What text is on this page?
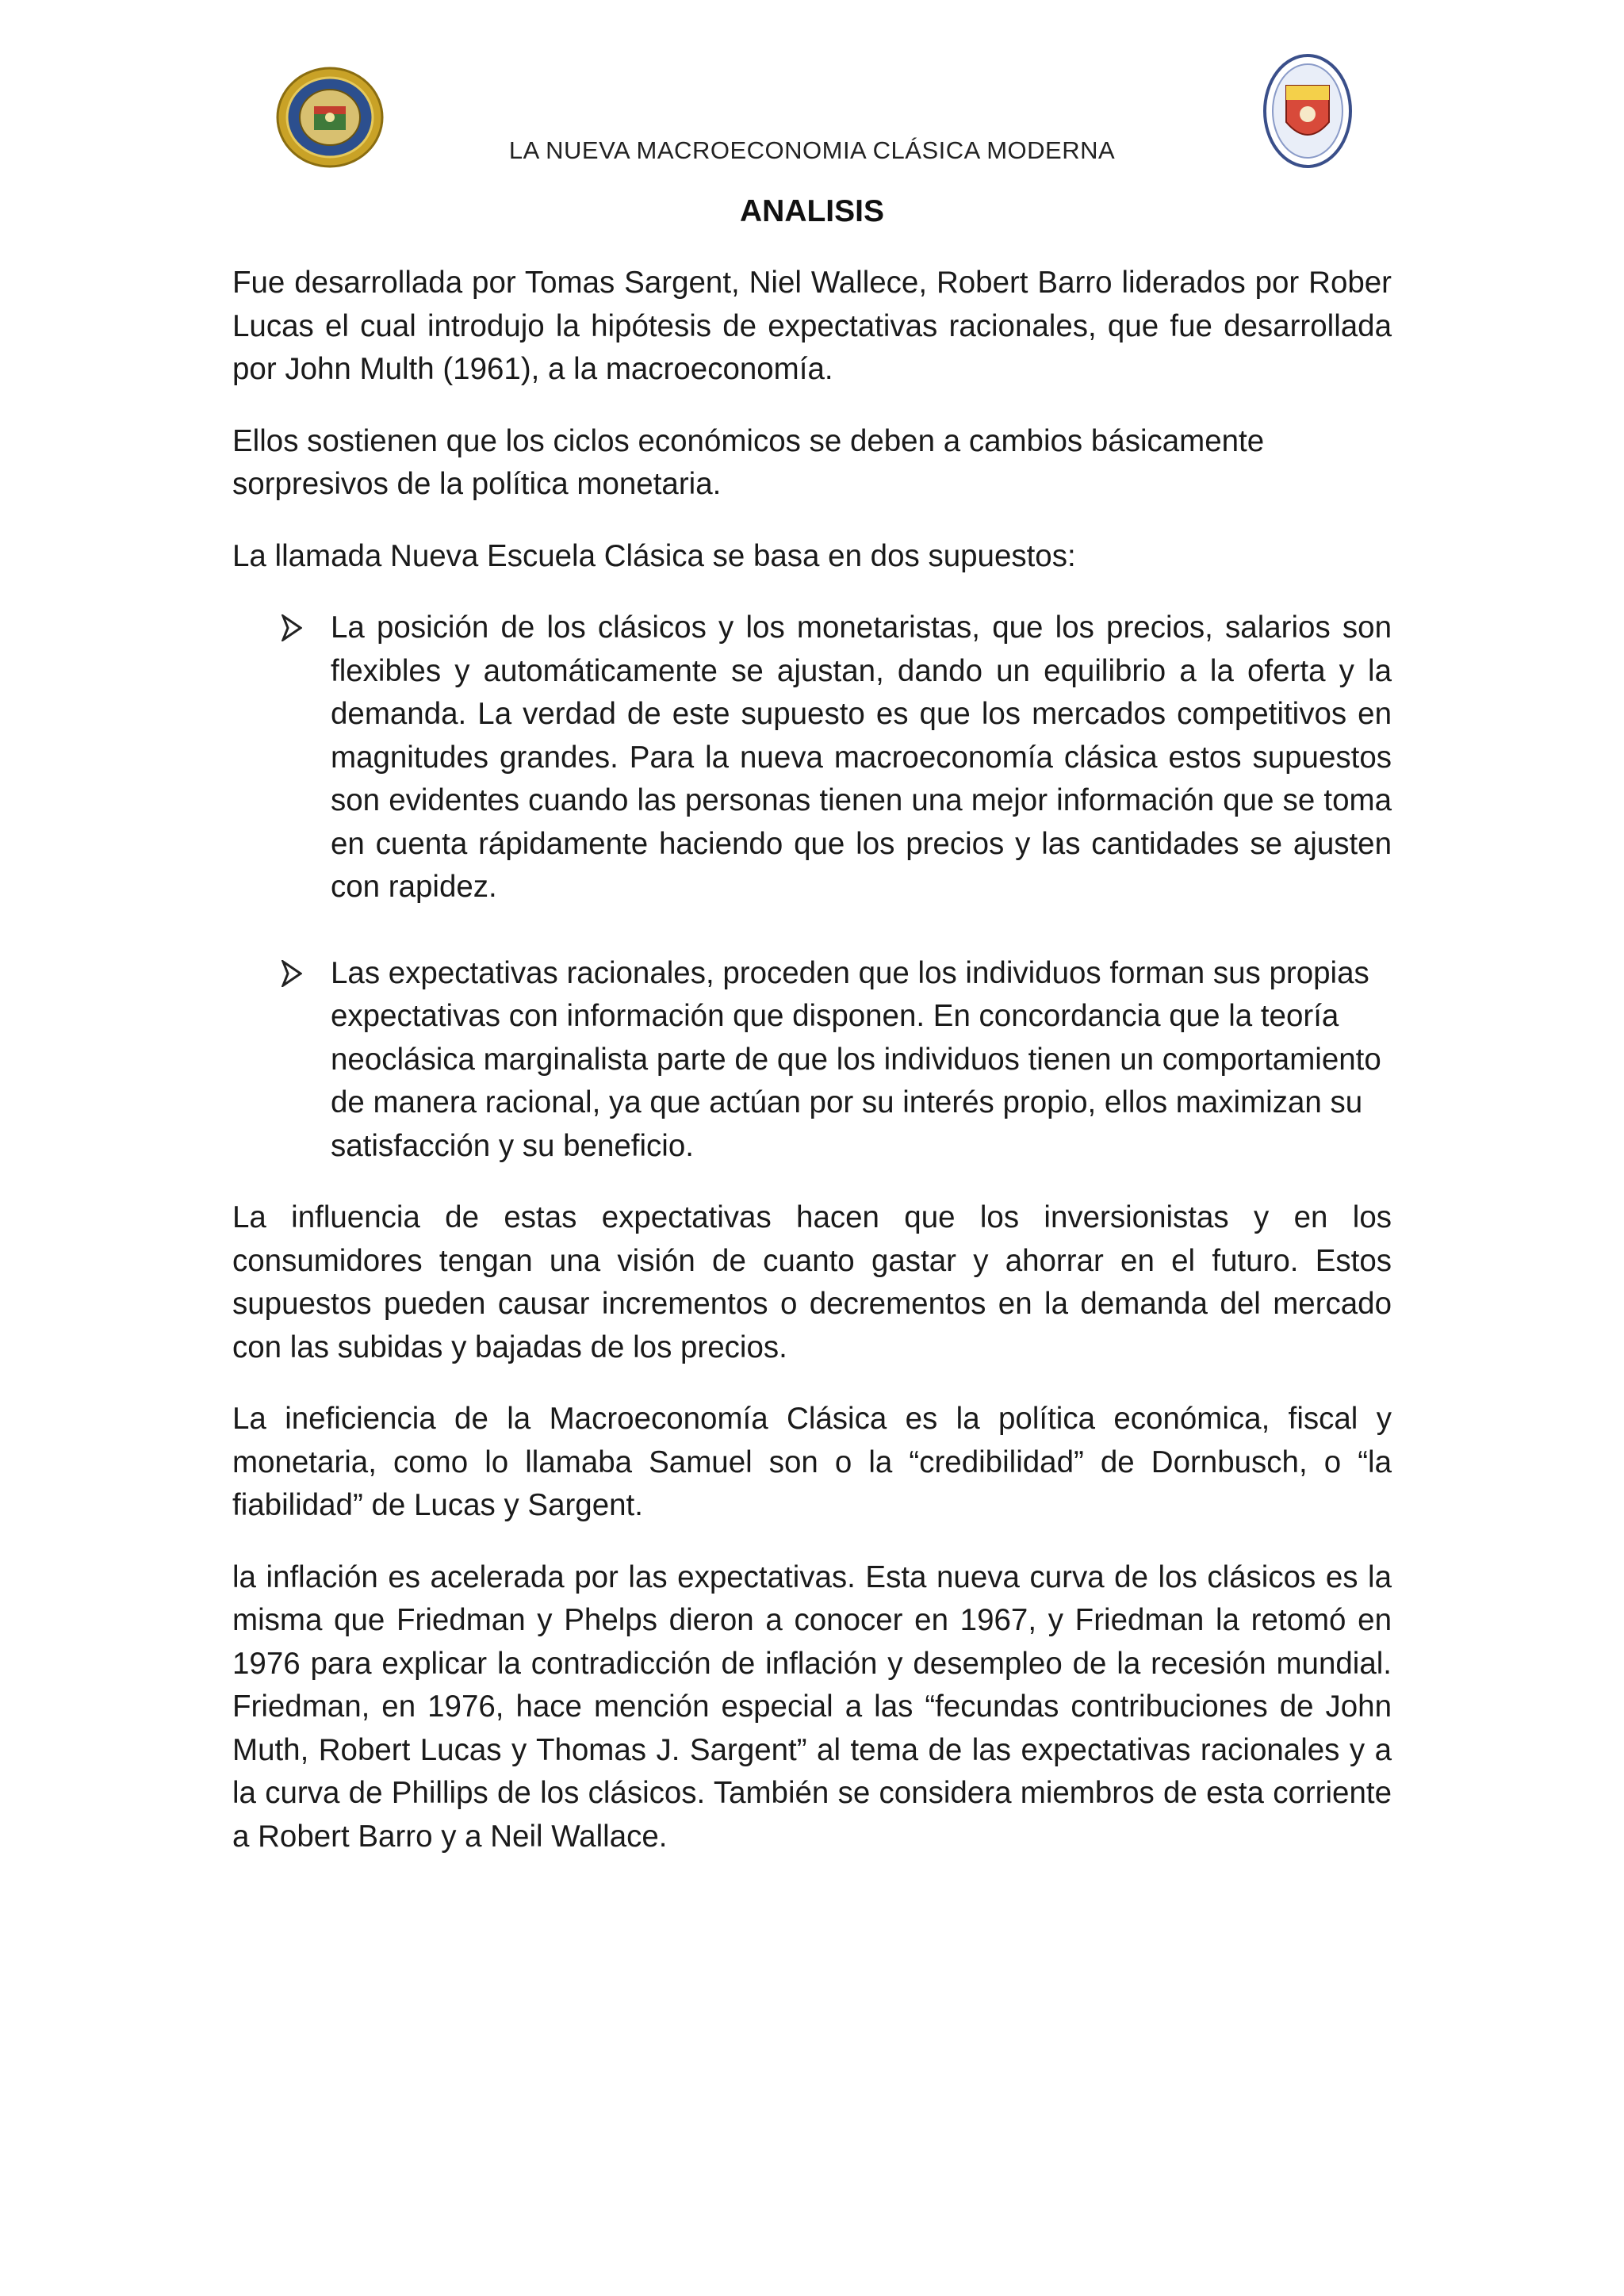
LA NUEVA MACROECONOMIA CLÁSICA MODERNA
ANALISIS

Fue desarrollada por Tomas Sargent, Niel Wallece, Robert Barro liderados por Rober Lucas el cual introdujo la hipótesis de expectativas racionales, que fue desarrollada por John Multh (1961), a la macroeconomía.

Ellos sostienen que los ciclos económicos se deben a cambios básicamente sorpresivos de la política monetaria.

La llamada Nueva Escuela Clásica se basa en dos supuestos:

La posición de los clásicos y los monetaristas, que los precios, salarios son flexibles y automáticamente se ajustan, dando un equilibrio a la oferta y la demanda. La verdad de este supuesto es que los mercados competitivos en magnitudes grandes. Para la nueva macroeconomía clásica estos supuestos son evidentes cuando las personas tienen una mejor información que se toma en cuenta rápidamente haciendo que los precios y las cantidades se ajusten con rapidez.
Las expectativas racionales, proceden que los individuos forman sus propias expectativas con información que disponen. En concordancia que la teoría neoclásica marginalista parte de que los individuos tienen un comportamiento de manera racional, ya que actúan por su interés propio, ellos maximizan su satisfacción y su beneficio.

La influencia de estas expectativas hacen que los inversionistas y en los consumidores tengan una visión de cuanto gastar y ahorrar en el futuro. Estos supuestos pueden causar incrementos o decrementos en la demanda del mercado con las subidas y bajadas de los precios.

La ineficiencia de la Macroeconomía Clásica es la política económica, fiscal y monetaria, como lo llamaba Samuel son o la “credibilidad” de Dornbusch, o “la fiabilidad” de Lucas y Sargent.

la inflación es acelerada por las expectativas. Esta nueva curva de los clásicos es la misma que Friedman y Phelps dieron a conocer en 1967, y Friedman la retomó en 1976 para explicar la contradicción de inflación y desempleo de la recesión mundial. Friedman, en 1976, hace mención especial a las “fecundas contribuciones de John Muth, Robert Lucas y Thomas J. Sargent” al tema de las expectativas racionales y a la curva de Phillips de los clásicos. También se considera miembros de esta corriente a Robert Barro y a Neil Wallace.
